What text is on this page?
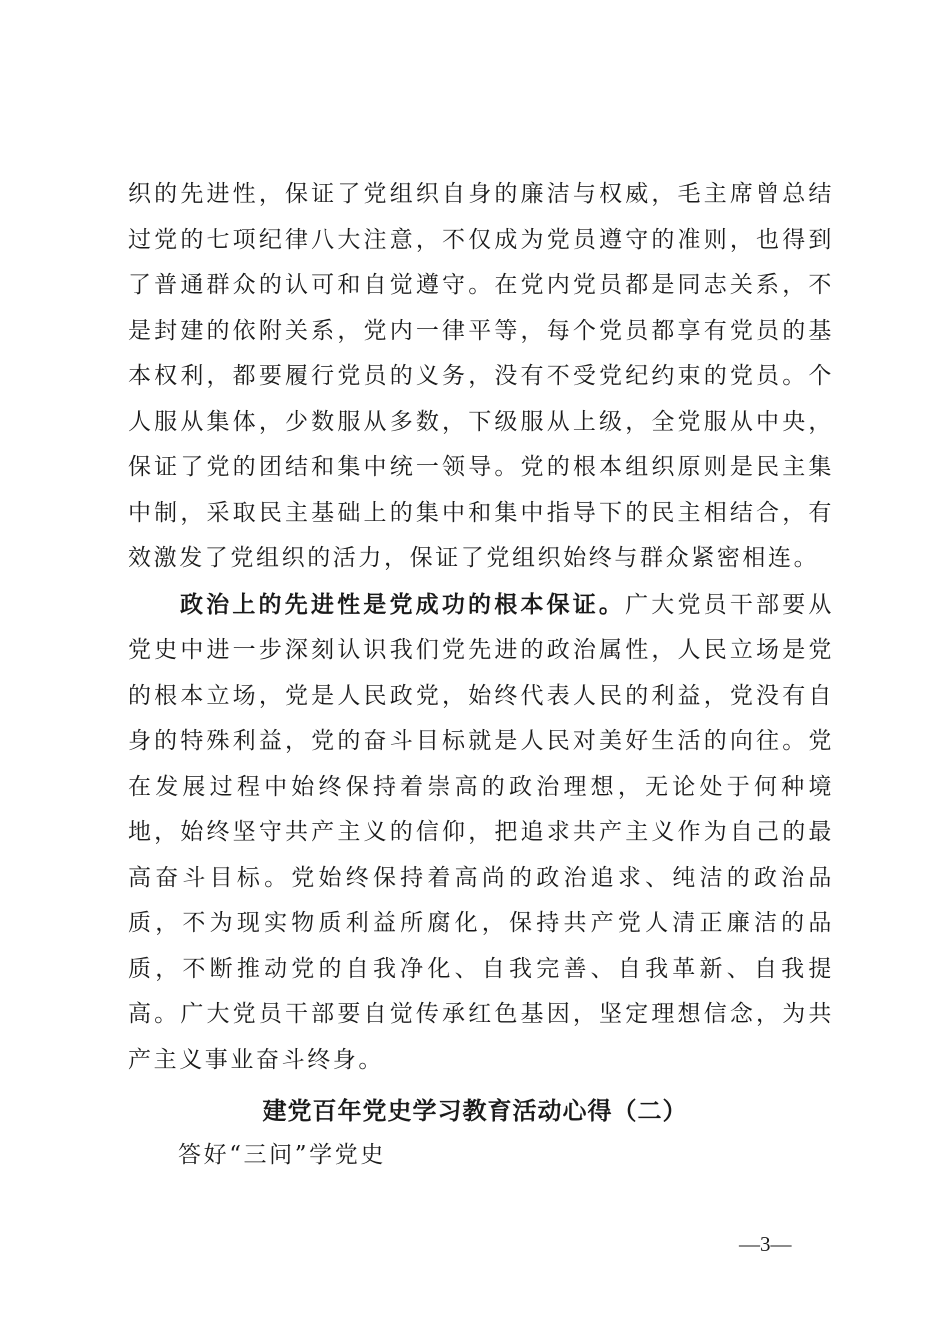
织的先进性，保证了党组织自身的廉洁与权威，毛主席曾总结过党的七项纪律八大注意，不仅成为党员遵守的准则，也得到了普通群众的认可和自觉遵守。在党内党员都是同志关系，不是封建的依附关系，党内一律平等，每个党员都享有党员的基本权利，都要履行党员的义务，没有不受党纪约束的党员。个人服从集体，少数服从多数，下级服从上级，全党服从中央，保证了党的团结和集中统一领导。党的根本组织原则是民主集中制，采取民主基础上的集中和集中指导下的民主相结合，有效激发了党组织的活力，保证了党组织始终与群众紧密相连。

政治上的先进性是党成功的根本保证。广大党员干部要从党史中进一步深刻认识我们党先进的政治属性，人民立场是党的根本立场，党是人民政党，始终代表人民的利益，党没有自身的特殊利益，党的奋斗目标就是人民对美好生活的向往。党在发展过程中始终保持着崇高的政治理想，无论处于何种境地，始终坚守共产主义的信仰，把追求共产主义作为自己的最高奋斗目标。党始终保持着高尚的政治追求、纯洁的政治品质，不为现实物质利益所腐化，保持共产党人清正廉洁的品质，不断推动党的自我净化、自我完善、自我革新、自我提高。广大党员干部要自觉传承红色基因，坚定理想信念，为共产主义事业奋斗终身。

建党百年党史学习教育活动心得（二）
答好“三问”学党史
—3—
